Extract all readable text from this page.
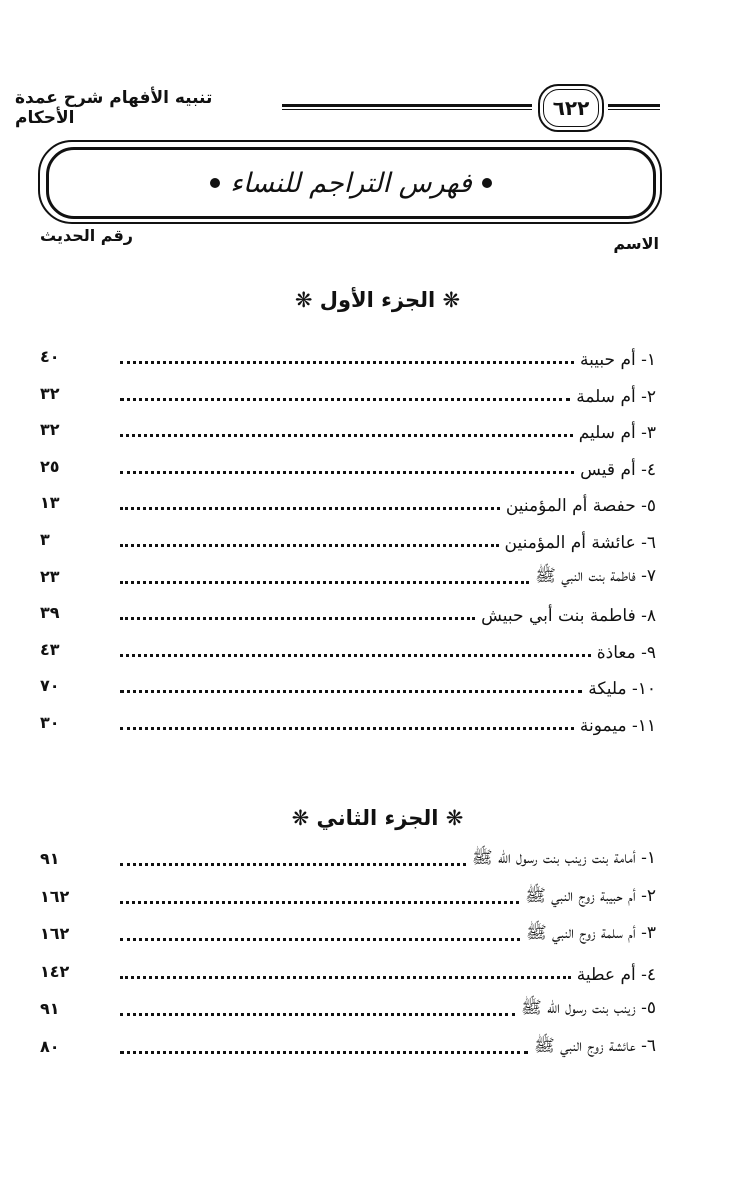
تنبيه الأفهام شرح عمدة الأحكام	٦٢٢
فهرس التراجم للنساء
الاسم
رقم الحديث
❋ الجزء الأول ❋
١- أم حبيبة
٤٠
٢- أم سلمة
٣٢
٣- أم سليم
٣٢
٤- أم قيس
٢٥
٥- حفصة أم المؤمنين
١٣
٦- عائشة أم المؤمنين
٣
٧- فاطمة بنت النبي ﷺ
٢٣
٨- فاطمة بنت أبي حبيش
٣٩
٩- معاذة
٤٣
١٠- مليكة
٧٠
١١- ميمونة
٣٠
❋ الجزء الثاني ❋
١- أمامة بنت زينب بنت رسول الله ﷺ
٩١
٢- أم حبيبة زوج النبي ﷺ
١٦٢
٣- أم سلمة زوج النبي ﷺ
١٦٢
٤- أم عطية
١٤٢
٥- زينب بنت رسول الله ﷺ
٩١
٦- عائشة زوج النبي ﷺ
٨٠
